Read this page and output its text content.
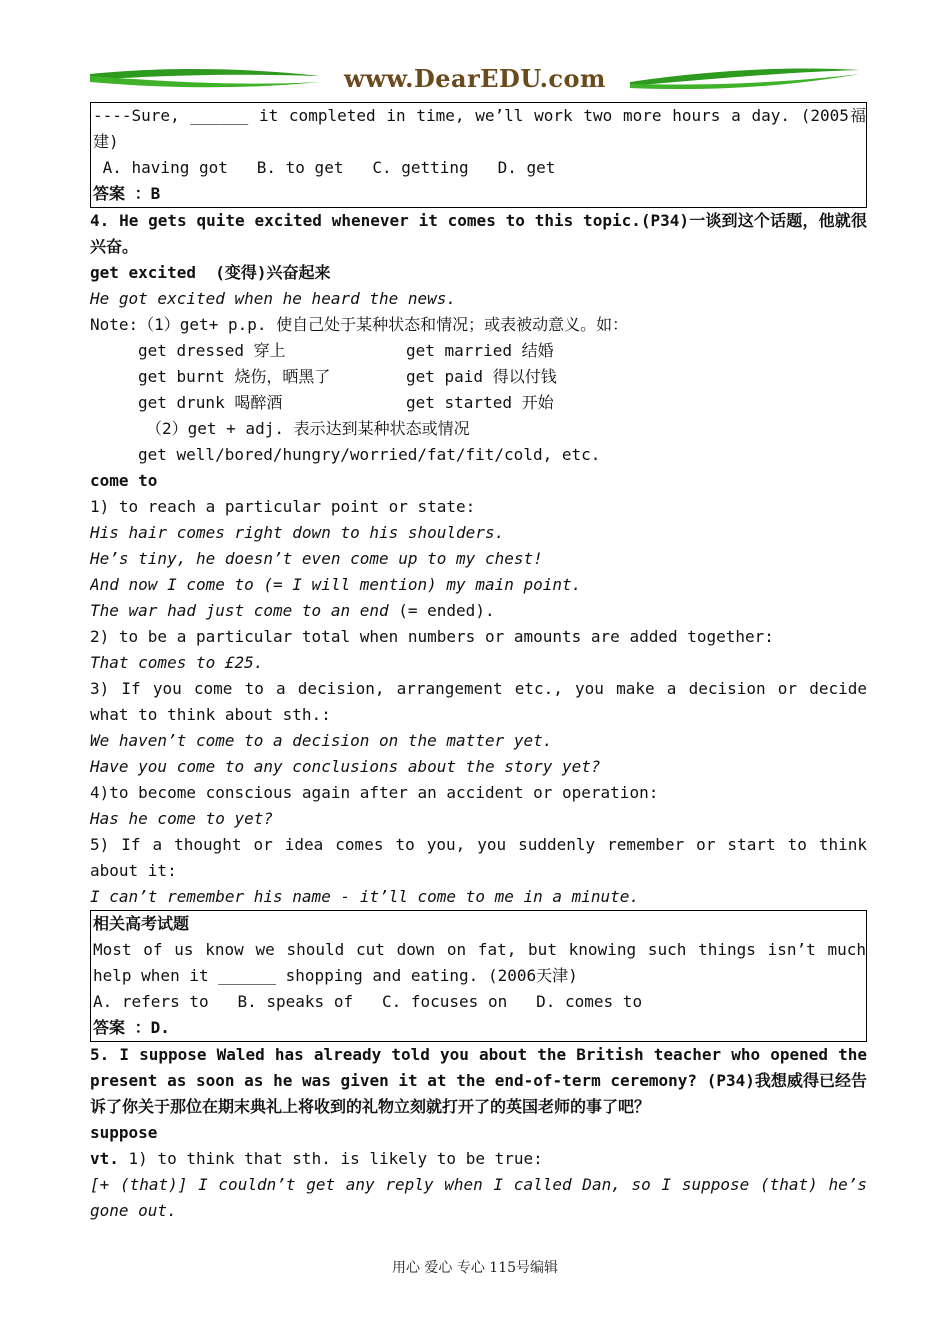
www.DearEDU.com
----Sure, ______ it completed in time, we’ll work two more hours a day. (2005福建)
A. having got   B. to get   C. getting   D. get
答案 ：B
4. He gets quite excited whenever it comes to this topic.(P34)一谈到这个话题，他就很兴奋。
get excited  (变得)兴奋起来
He got excited when he heard the news.
Note:（1）get+ p.p. 使自己处于某种状态和情况；或表被动意义。如：
get dressed 穿上	get married 结婚
get burnt 烧伤，晒黑了	get paid 得以付钱
get drunk 喝醉酒	get started 开始
（2）get + adj. 表示达到某种状态或情况
get well/bored/hungry/worried/fat/fit/cold, etc.
come to
1) to reach a particular point or state:
His hair comes right down to his shoulders.
He’s tiny, he doesn’t even come up to my chest!
And now I come to (= I will mention) my main point.
The war had just come to an end (= ended).
2) to be a particular total when numbers or amounts are added together:
That comes to £25.
3) If you come to a decision, arrangement etc., you make a decision or decide what to think about sth.:
We haven’t come to a decision on the matter yet.
Have you come to any conclusions about the story yet?
4)to become conscious again after an accident or operation:
Has he come to yet?
5) If a thought or idea comes to you, you suddenly remember or start to think about it:
I can’t remember his name - it’ll come to me in a minute.
相关高考试题
Most of us know we should cut down on fat, but knowing such things isn’t much help when it ______ shopping and eating. (2006天津)
A. refers to   B. speaks of   C. focuses on   D. comes to
答案 ：D.
5. I suppose Waled has already told you about the British teacher who opened the present as soon as he was given it at the end-of-term ceremony? (P34)我想威得已经告诉了你关于那位在期末典礼上将收到的礼物立刻就打开了的英国老师的事了吧？
suppose
vt. 1) to think that sth. is likely to be true:
[+ (that)] I couldn’t get any reply when I called Dan, so I suppose (that) he’s gone out.
用心 爱心 专心 115号编辑
